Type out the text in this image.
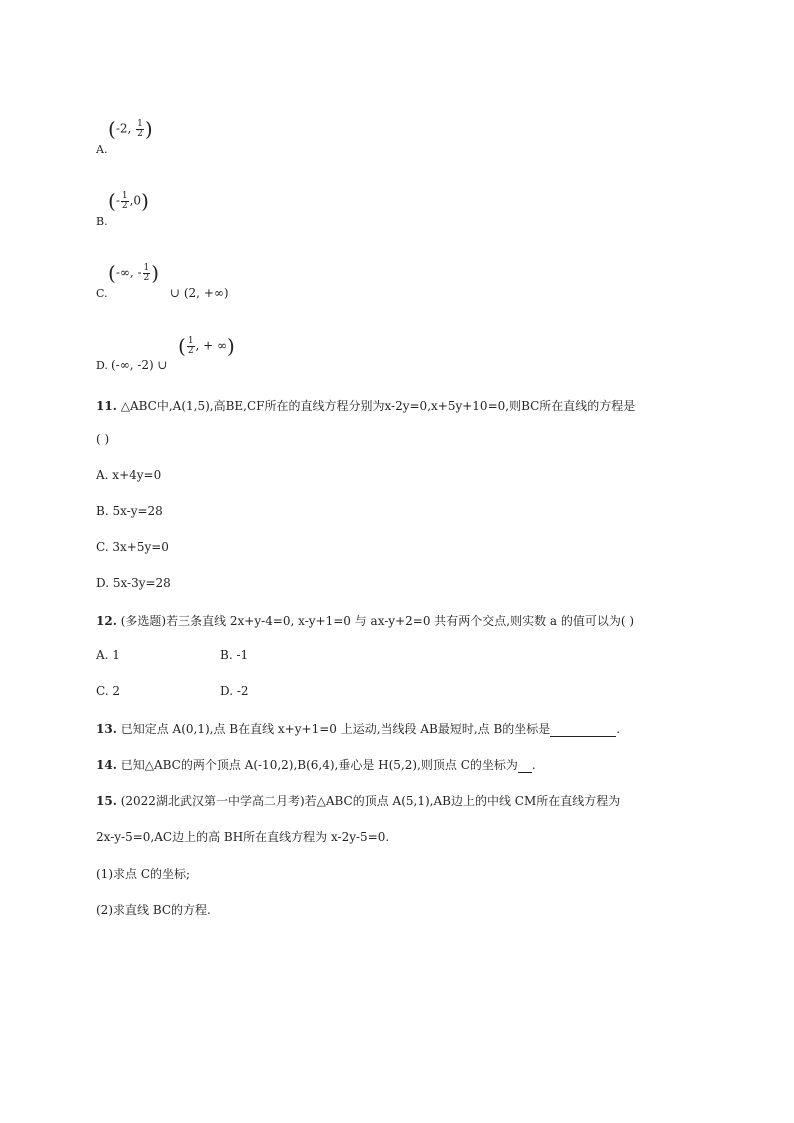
(-2, $\frac{1}{2}$ )
A.
(- $\frac{1}{2} ,0$)
B.
(-∞, - $\frac{1}{2}$ )
C.	∪ (2, +∞)
( $\frac{1}{2}$ , + ∞)
D. (-∞, -2) ∪
11. △ABC中,A(1,5),高BE,CF所在的直线方程分别为x-2y=0,x+5y+10=0,则BC所在直线的方程是
( )
A. x+4y=0
B. 5x-y=28
C. 3x+5y=0
D. 5x-3y=28
12. (多选题)若三条直线 2x+y-4=0, x-y+1=0 与 ax-y+2=0 共有两个交点,则实数 a 的值可以为( )
A. 1	B. -1
C. 2	D. -2
13. 已知定点 A(0,1),点 B在直线 x+y+1=0 上运动,当线段 AB最短时,点 B的坐标是	.
14. 已知△ABC的两个顶点 A(-10,2),B(6,4),垂心是 H(5,2),则顶点 C的坐标为 .
15. (2022湖北武汉第一中学高二月考)若△ABC的顶点 A(5,1),AB边上的中线 CM所在直线方程为
2x-y-5=0,AC边上的高 BH所在直线方程为 x-2y-5=0.
(1)求点 C的坐标;
(2)求直线 BC的方程.
